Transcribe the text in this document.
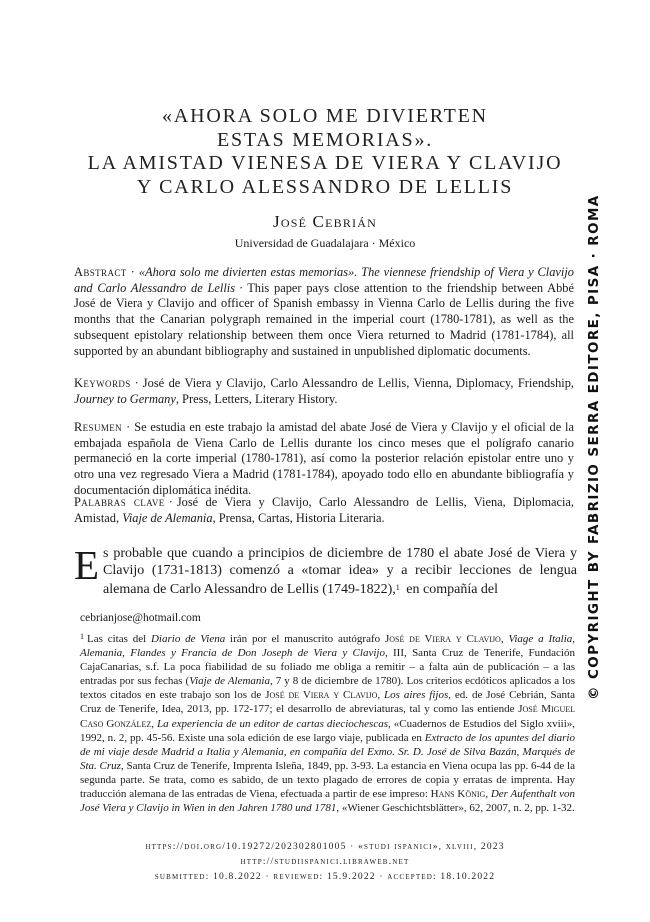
«AHORA SOLO ME DIVIERTEN
ESTAS MEMORIAS».
LA AMISTAD VIENESA DE VIERA Y CLAVIJO
Y CARLO ALESSANDRO DE LELLIS
José Cebrián
Universidad de Guadalajara · México
Abstract · «Ahora solo me divierten estas memorias». The viennese friendship of Viera y Clavijo and Carlo Alessandro de Lellis · This paper pays close attention to the friendship between Abbé José de Viera y Clavijo and officer of Spanish embassy in Vienna Carlo de Lellis during the five months that the Canarian polygraph remained in the imperial court (1780-1781), as well as the subsequent epistolary relationship between them once Viera returned to Madrid (1781-1784), all supported by an abundant bibliography and sustained in unpublished diplomatic documents.
Keywords · José de Viera y Clavijo, Carlo Alessandro de Lellis, Vienna, Diplomacy, Friendship, Journey to Germany, Press, Letters, Literary History.
Resumen · Se estudia en este trabajo la amistad del abate José de Viera y Clavijo y el oficial de la embajada española de Viena Carlo de Lellis durante los cinco meses que el polígrafo canario permaneció en la corte imperial (1780-1781), así como la posterior relación epistolar entre uno y otro una vez regresado Viera a Madrid (1781-1784), apoyado todo ello en abundante bibliografía y documentación diplomática inédita.
Palabras clave · José de Viera y Clavijo, Carlo Alessandro de Lellis, Viena, Diplomacia, Amistad, Viaje de Alemania, Prensa, Cartas, Historia Literaria.
Es probable que cuando a principios de diciembre de 1780 el abate José de Viera y Clavijo (1731-1813) comenzó a «tomar idea» y a recibir lecciones de lengua alemana de Carlo Alessandro de Lellis (1749-1822),$^1$ en compañía del
cebrianjose@hotmail.com
$^1$ Las citas del Diario de Viena irán por el manuscrito autógrafo José de Viera y Clavijo, Viage a Italia, Alemania, Flandes y Francia de Don Joseph de Viera y Clavijo, III, Santa Cruz de Tenerife, Fundación CajaCanarias, s.f. La poca fiabilidad de su foliado me obliga a remitir – a falta aún de publicación – a las entradas por sus fechas (Viaje de Alemania, 7 y 8 de diciembre de 1780). Los criterios ecdóticos aplicados a los textos citados en este trabajo son los de José de Viera y Clavijo, Los aires fijos, ed. de José Cebrián, Santa Cruz de Tenerife, Idea, 2013, pp. 172-177; el desarrollo de abreviaturas, tal y como las entiende José Miguel Caso González, La experiencia de un editor de cartas dieciochescas, «Cuadernos de Estudios del Siglo xviii», 1992, n. 2, pp. 45-56. Existe una sola edición de ese largo viaje, publicada en Extracto de los apuntes del diario de mi viaje desde Madrid a Italia y Alemania, en compañía del Exmo. Sr. D. José de Silva Bazán, Marqués de Sta. Cruz, Santa Cruz de Tenerife, Imprenta Isleña, 1849, pp. 3-93. La estancia en Viena ocupa las pp. 6-44 de la segunda parte. Se trata, como es sabido, de un texto plagado de errores de copia y erratas de imprenta. Hay traducción alemana de las entradas de Viena, efectuada a partir de ese impreso: Hans König, Der Aufenthalt von José Viera y Clavijo in Wien in den Jahren 1780 und 1781, «Wiener Geschichtsblätter», 62, 2007, n. 2, pp. 1-32.
https://doi.org/10.19272/202302801005 · «studi ispanici», xlviii, 2023
http://studiispanici.libraweb.net
submitted: 10.8.2022 · reviewed: 15.9.2022 · accepted: 18.10.2022
© COPYRIGHT BY FABRIZIO SERRA EDITORE, PISA · ROMA
